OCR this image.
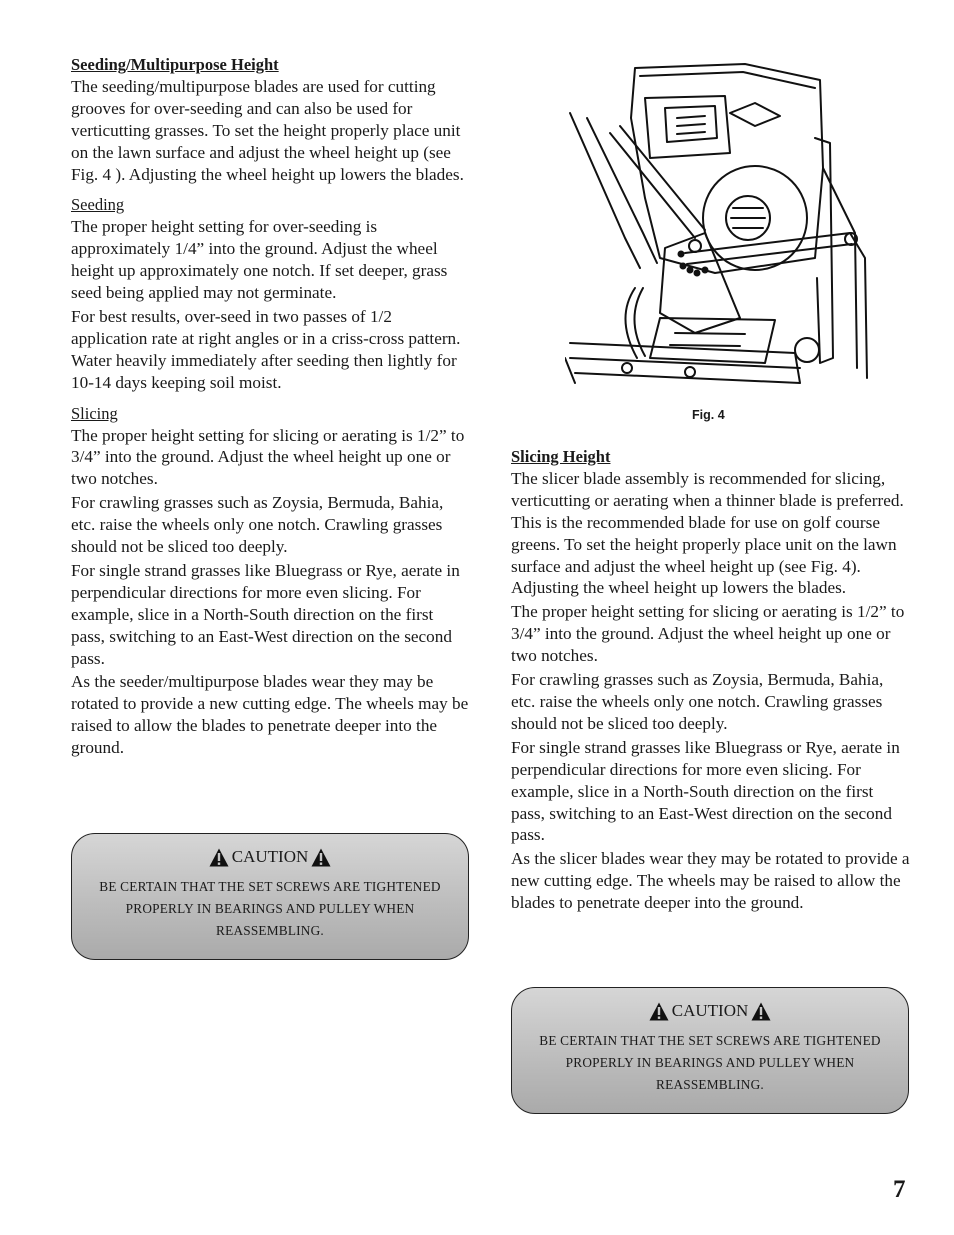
Seeding/Multipurpose Height

The seeding/multipurpose blades are used for cutting grooves for over-seeding and can also be used for verticutting grasses. To set the height properly place unit on the lawn surface and adjust the wheel height up (see Fig. 4 ). Adjusting the wheel height up lowers the blades.

Seeding

The proper height setting for over-seeding is approximately 1/4” into the ground. Adjust the wheel height up approximately one notch. If set deeper, grass seed being applied may not germinate.

For best results, over-seed in two passes of 1/2 application rate at right angles or in a criss-cross pattern. Water heavily immediately after seeding then lightly for 10-14 days keeping soil moist.

Slicing

The proper height setting for slicing or aerating is 1/2” to 3/4” into the ground. Adjust the wheel height up one or two notches.

For crawling grasses such as Zoysia, Bermuda, Bahia, etc. raise the wheels only one notch. Crawling grasses should not be sliced too deeply.

For single strand grasses like Bluegrass or Rye, aerate in perpendicular directions for more even slicing. For example, slice in a North-South direction on the first pass, switching to an East-West direction on the second pass.

As the seeder/multipurpose blades wear they may be rotated to provide a new cutting edge. The wheels may be raised to allow the blades to penetrate deeper into the ground.

CAUTION
BE CERTAIN THAT THE SET SCREWS ARE TIGHTENED PROPERLY IN BEARINGS AND PULLEY WHEN REASSEMBLING.
Fig. 4
Slicing Height

The slicer blade assembly is recommended for slicing, verticutting or aerating when a thinner blade is preferred. This is the recommended blade for use on golf course greens. To set the height properly place unit on the lawn surface and adjust the wheel height up (see Fig. 4). Adjusting the wheel height up lowers the blades.

The proper height setting for slicing or aerating is 1/2” to 3/4” into the ground. Adjust the wheel height up one or two notches.

For crawling grasses such as Zoysia, Bermuda, Bahia, etc. raise the wheels only one notch. Crawling grasses should not be sliced too deeply.

For single strand grasses like Bluegrass or Rye, aerate in perpendicular directions for more even slicing. For example, slice in a North-South direction on the first pass, switching to an East-West direction on the second pass.

As the slicer blades wear they may be rotated to provide a new cutting edge. The wheels may be raised to allow the blades to penetrate deeper into the ground.

CAUTION
BE CERTAIN THAT THE SET SCREWS ARE TIGHTENED PROPERLY IN BEARINGS AND PULLEY WHEN REASSEMBLING.
7
